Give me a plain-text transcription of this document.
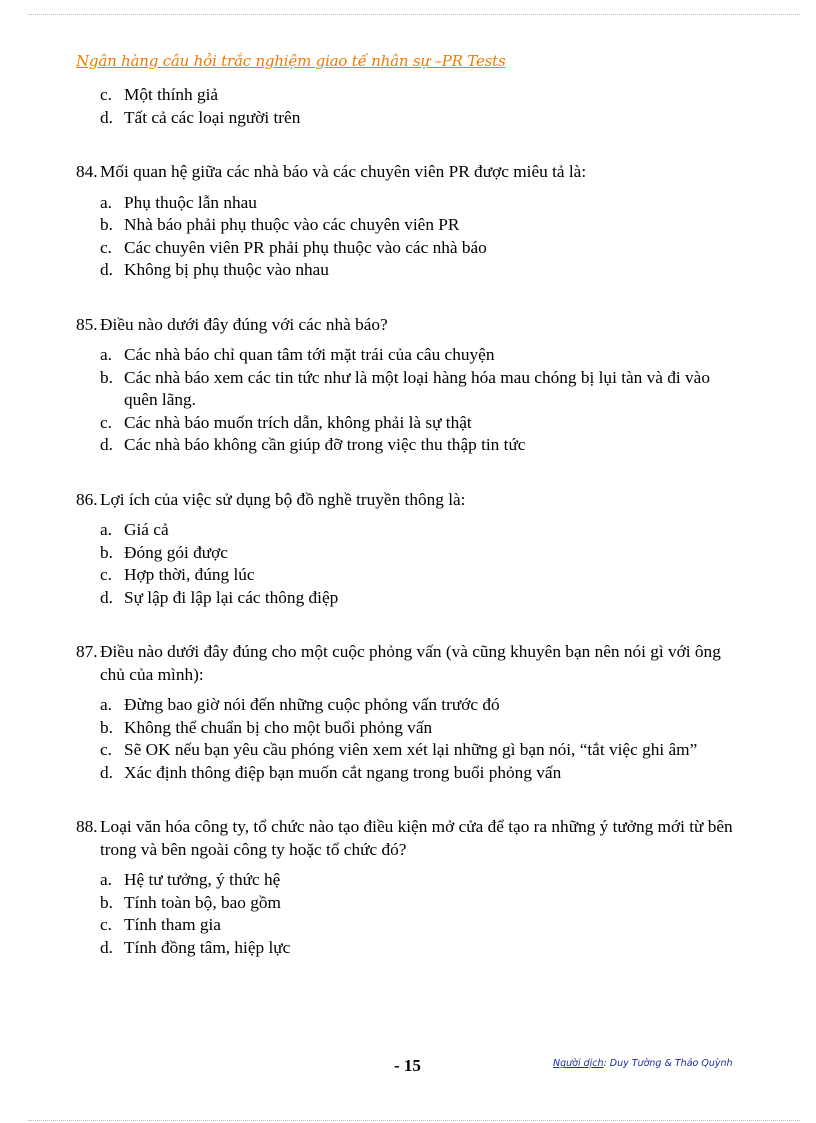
Ngân hàng câu hỏi trắc nghiệm giao tế nhân sự –PR Tests

c. Một thính giả

d. Tất cả các loại người trên

84. Mối quan hệ giữa các nhà báo và các chuyên viên PR được miêu tả là:

a. Phụ thuộc lẫn nhau

b. Nhà báo phải phụ thuộc vào các chuyên viên PR

c. Các chuyên viên PR phải phụ thuộc vào các nhà báo

d. Không bị phụ thuộc vào nhau

85. Điều nào dưới đây đúng với các nhà báo?

a. Các nhà báo chỉ quan tâm tới mặt trái của câu chuyện

b. Các nhà báo xem các tin tức như là một loại hàng hóa mau chóng bị lụi tàn và đi vào quên lãng.

c. Các nhà báo muốn trích dẫn, không phải là sự thật

d. Các nhà báo không cần giúp đỡ trong việc thu thập tin tức

86. Lợi ích của việc sử dụng bộ đồ nghề truyền thông là:

a. Giá cả

b. Đóng gói được

c. Hợp thời, đúng lúc

d. Sự lập đi lập lại các thông điệp

87. Điều nào dưới đây đúng cho một cuộc phỏng vấn (và cũng khuyên bạn nên nói gì với ông chủ của mình):

a. Đừng bao giờ nói đến những cuộc phỏng vấn trước đó

b. Không thể chuẩn bị cho một buổi phỏng vấn

c. Sẽ OK nếu bạn yêu cầu phóng viên xem xét lại những gì bạn nói, “tắt việc ghi âm”

d. Xác định thông điệp bạn muốn cắt ngang trong buổi phỏng vấn

88. Loại văn hóa công ty, tổ chức nào tạo điều kiện mở cửa để tạo ra những ý tưởng mới từ bên trong và bên ngoài công ty hoặc tổ chức đó?

a. Hệ tư tưởng, ý thức hệ

b. Tính toàn bộ, bao gồm

c. Tính tham gia

d. Tính đồng tâm, hiệp lực

- 15	Người dịch: Duy Tường & Thảo Quỳnh
